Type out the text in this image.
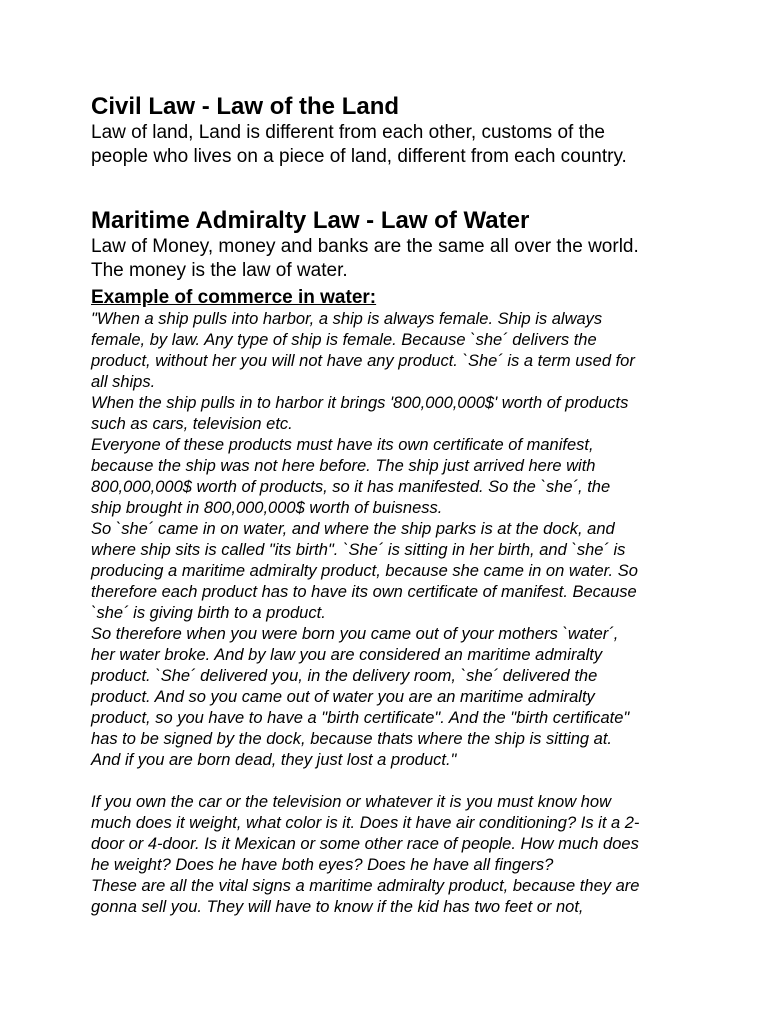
Civil Law - Law of the Land

Law of land, Land is different from each other, customs of the

people who lives on a piece of land, different from each country.

Maritime Admiralty Law - Law of Water

Law of Money, money and banks are the same all over the world.

The money is the law of water.

Example of commerce in water:

"When a ship pulls into harbor, a ship is always female. Ship is always

female, by law. Any type of ship is female. Because `she´ delivers the

product, without her you will not have any product. `She´ is a term used for

all ships.

When the ship pulls in to harbor it brings '800,000,000$' worth of products

such as cars, television etc.

Everyone of these products must have its own certificate of manifest,

because the ship was not here before. The ship just arrived here with

800,000,000$ worth of products, so it has manifested. So the `she´, the

ship brought in 800,000,000$ worth of buisness.

So `she´ came in on water, and where the ship parks is at the dock, and

where ship sits is called "its birth". `She´ is sitting in her birth, and `she´ is

producing a maritime admiralty product, because she came in on water. So

therefore each product has to have its own certificate of manifest. Because

`she´ is giving birth to a product.

So therefore when you were born you came out of your mothers `water´,

her water broke. And by law you are considered an maritime admiralty

product. `She´ delivered you, in the delivery room, `she´ delivered the

product. And so you came out of water you are an maritime admiralty

product, so you have to have a "birth certificate". And the "birth certificate"

has to be signed by the dock, because thats where the ship is sitting at.

And if you are born dead, they just lost a product."

If you own the car or the television or whatever it is you must know how

much does it weight, what color is it. Does it have air conditioning? Is it a 2-

door or 4-door. Is it Mexican or some other race of people. How much does

he weight? Does he have both eyes? Does he have all fingers?

These are all the vital signs a maritime admiralty product, because they are

gonna sell you. They will have to know if the kid has two feet or not,
